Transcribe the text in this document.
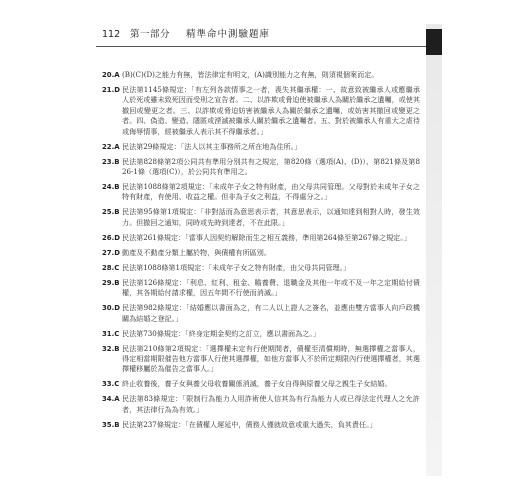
112 第一部分 精準命中測驗題庫
20.A (B)(C)(D)之能力有無，皆法律定有明文，(A)識別能力之有無，則須視個案而定。
21.D 民法第1145條規定：「有左列各款情事之一者，喪失其繼承權：一、故意致被繼承人或應繼承人於死或雖未致死因而受刑之宣告者。二、以詐欺或脅迫使被繼承人為關於繼承之遺囑，或使其撤回或變更之者。三、以詐欺或脅迫妨害被繼承人為關於繼承之遺囑，或妨害其撤回或變更之者。四、偽造、變造、隱匿或湮滅被繼承人關於繼承之遺囑者。五、對於被繼承人有重大之虐待或侮辱情事，經被繼承人表示其不得繼承者。」
22.A 民法第29條規定：「法人以其主事務所之所在地為住所。」
23.B 民法第828條第2項公同共有準用分別共有之規定，第820條（選項(A)、(D)）、第821條及第826-1條（選項(C)），於公同共有準用之。
24.B 民法第1088條第2項規定：「未成年子女之特有財產，由父母共同管理。父母對於未成年子女之特有財產，有使用、收益之權。但非為子女之利益，不得處分之。」
25.B 民法第95條第1項規定：「非對話而為意思表示者，其意思表示，以通知達到相對人時，發生效力。但撤回之通知，同時或先時到達者，不在此限。」
26.D 民法第261條規定：「當事人因契約解除而生之相互義務，準用第264條至第267條之規定。」
27.D 動產及不動產分類上屬於物，與債權有所區別。
28.C 民法第1088條第1項規定：「未成年子女之特有財產，由父母共同管理。」
29.B 民法第126條規定：「利息、紅利、租金、贍養費、退職金及其他一年或不及一年之定期給付債權，其各期給付請求權，因五年間不行使而消滅。」
30.D 民法第982條規定：「結婚應以書面為之，有二人以上證人之簽名，並應由雙方當事人向戶政機關為結婚之登記。」
31.C 民法第730條規定：「終身定期金契約之訂立，應以書面為之。」
32.B 民法第210條第2項規定：「選擇權未定有行使期間者，債權至清償期時，無選擇權之當事人，得定相當期限催告他方當事人行使其選擇權，如他方當事人不於所定期限內行使選擇權者，其選擇權移屬於為催告之當事人。」
33.C 終止收養後，養子女與養父母收養關係消滅，養子女自得與原養父母之親生子女結婚。
34.A 民法第83條規定：「限制行為能力人用詐術使人信其為有行為能力人或已得法定代理人之允許者，其法律行為為有效。」
35.B 民法第237條規定：「在債權人遲延中，債務人僅就故意或重大過失，負其責任。」
